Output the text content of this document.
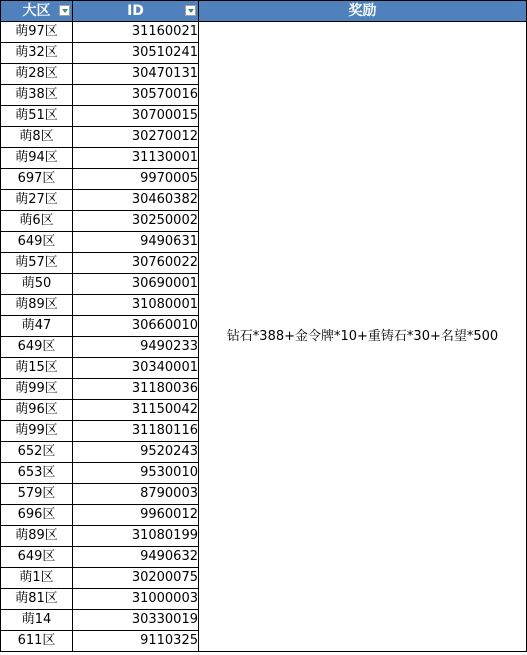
大区	ID	奖励
萌97区	31160021	钻石*388+金令牌*10+重铸石*30+名望*500
萌32区	30510241	
萌28区	30470131	
萌38区	30570016	
萌51区	30700015	
萌8区	30270012	
萌94区	31130001	
697区	9970005	
萌27区	30460382	
萌6区	30250002	
649区	9490631	
萌57区	30760022	
萌50	30690001	
萌89区	31080001	
萌47	30660010	
649区	9490233	
萌15区	30340001	
萌99区	31180036	
萌96区	31150042	
萌99区	31180116	
652区	9520243	
653区	9530010	
579区	8790003	
696区	9960012	
萌89区	31080199	
649区	9490632	
萌1区	30200075	
萌81区	31000003	
萌14	30330019	
611区	9110325	
